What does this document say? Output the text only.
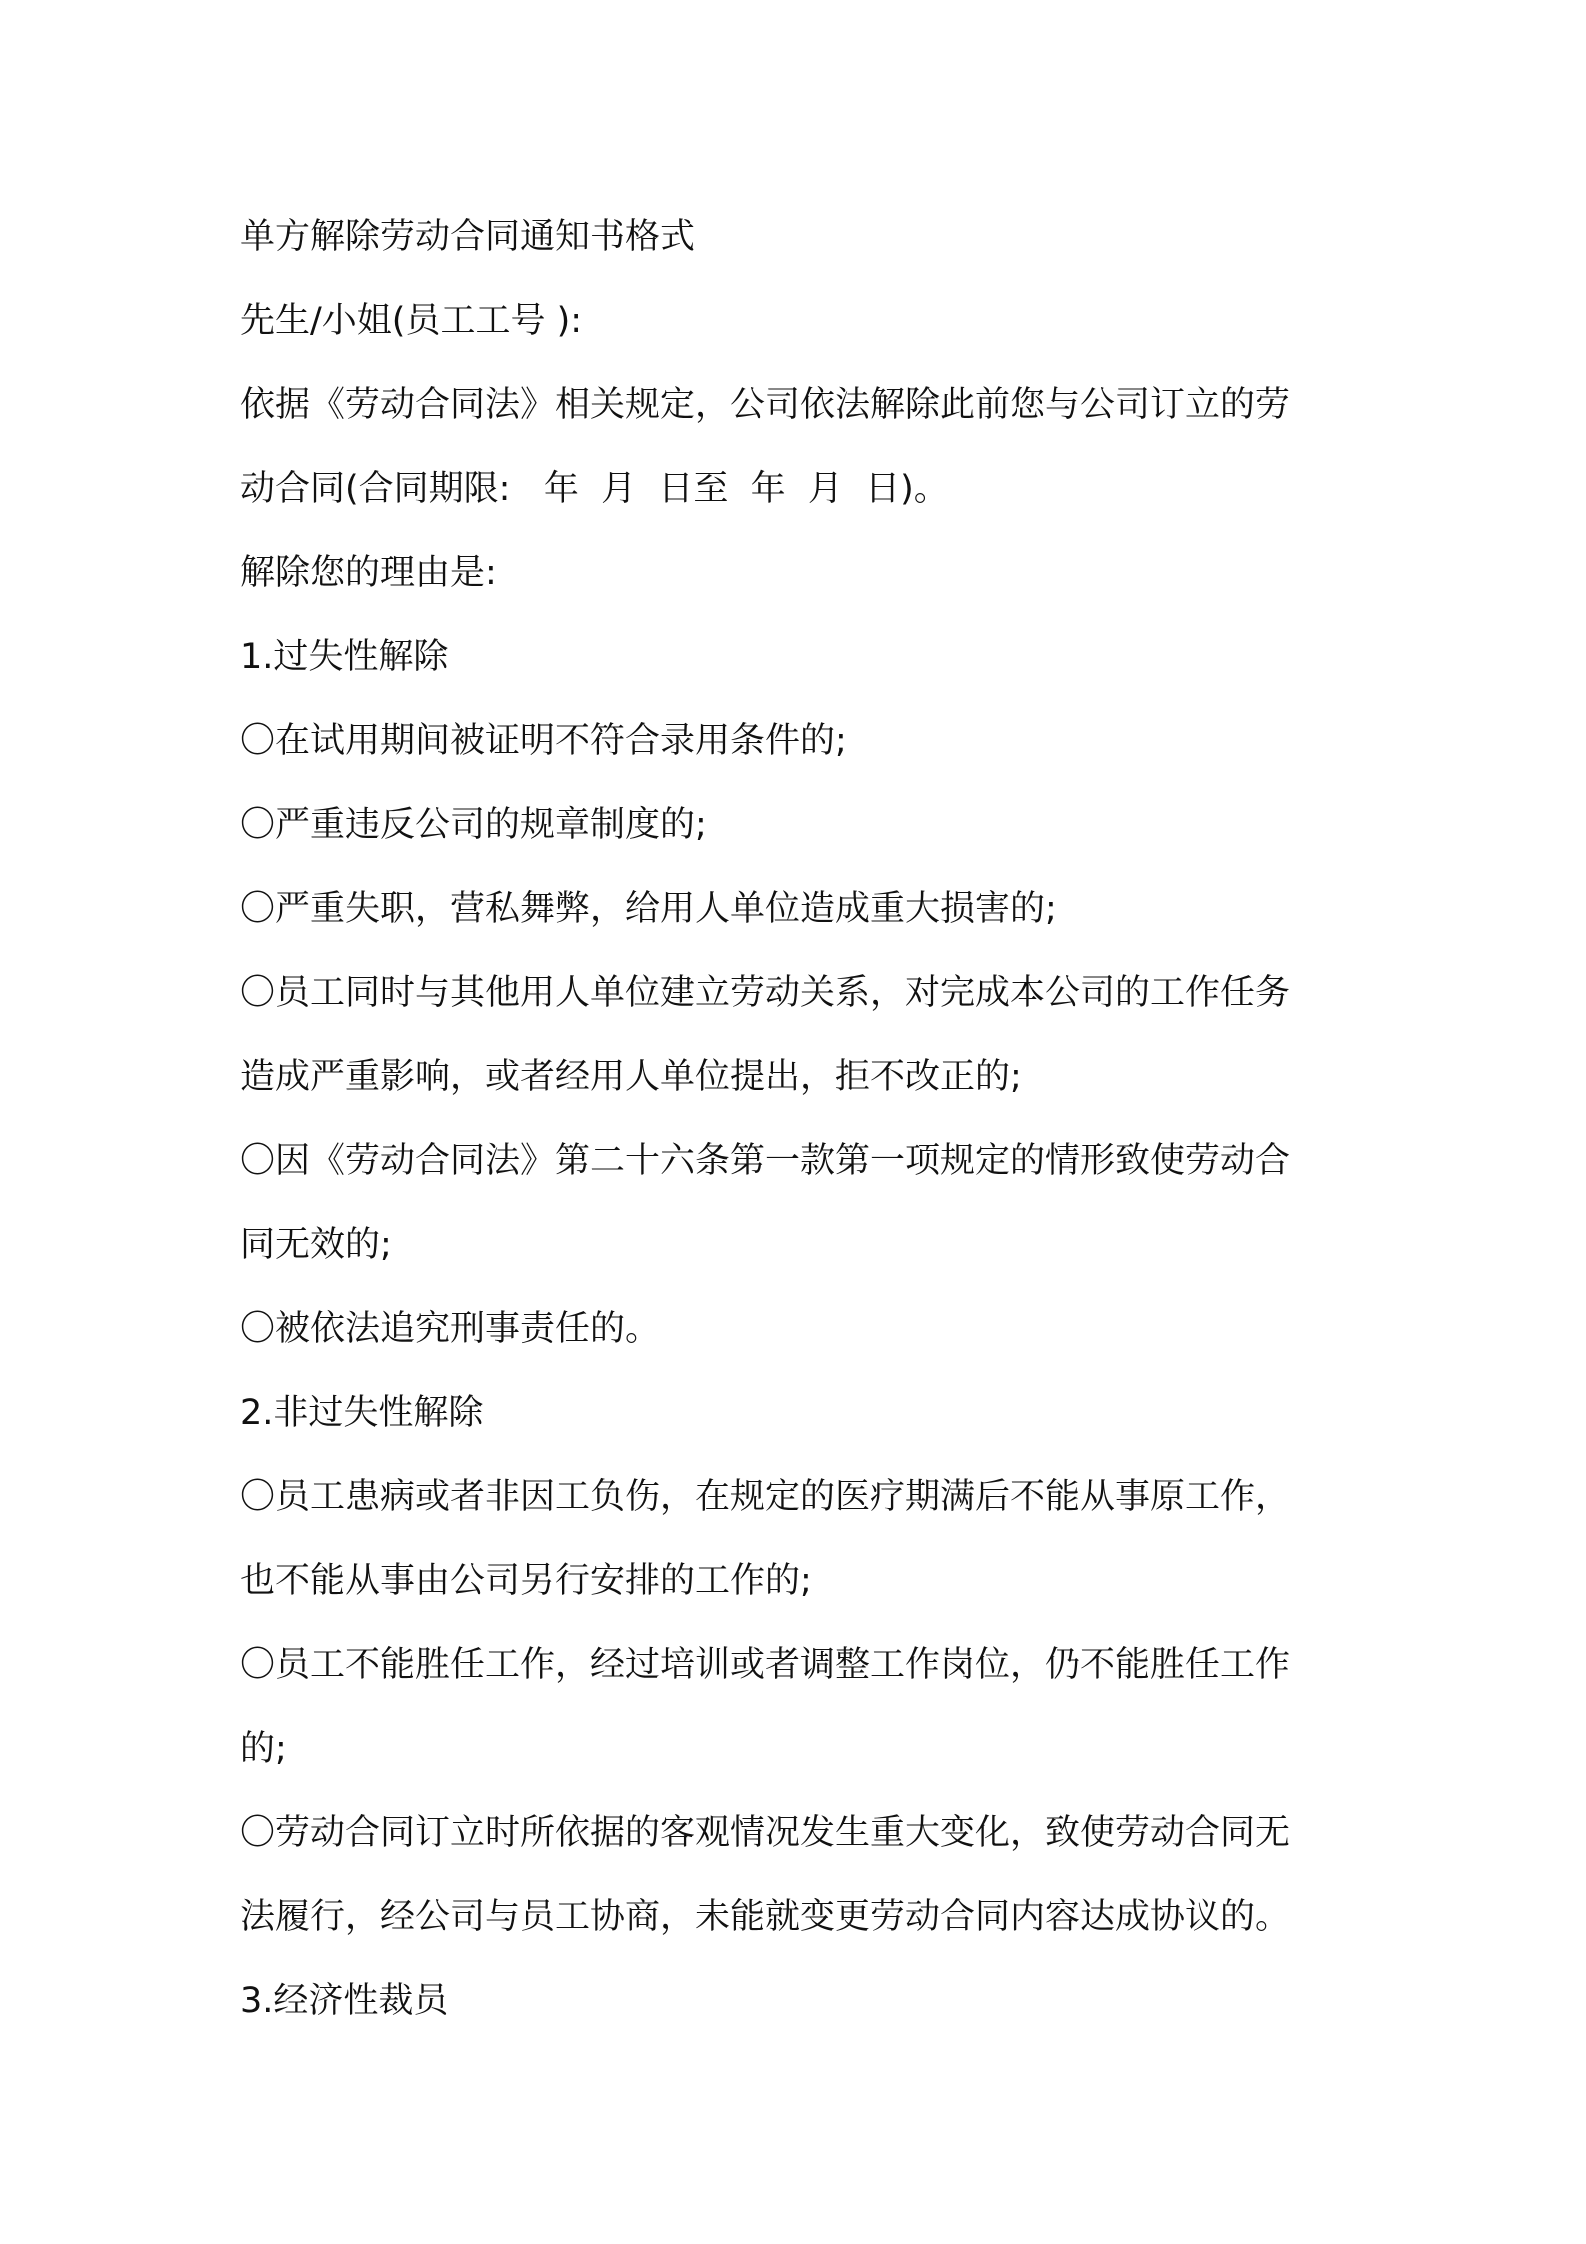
单方解除劳动合同通知书格式

先生/小姐(员工工号 ):

依据《劳动合同法》相关规定，公司依法解除此前您与公司订立的劳

动合同(合同期限:   年  月  日至  年  月  日)。

解除您的理由是:

1.过失性解除

〇在试用期间被证明不符合录用条件的;

〇严重违反公司的规章制度的;

〇严重失职，营私舞弊，给用人单位造成重大损害的;

〇员工同时与其他用人单位建立劳动关系，对完成本公司的工作任务

造成严重影响，或者经用人单位提出，拒不改正的;

〇因《劳动合同法》第二十六条第一款第一项规定的情形致使劳动合

同无效的;

〇被依法追究刑事责任的。

2.非过失性解除

〇员工患病或者非因工负伤，在规定的医疗期满后不能从事原工作，

也不能从事由公司另行安排的工作的;

〇员工不能胜任工作，经过培训或者调整工作岗位，仍不能胜任工作

的;

〇劳动合同订立时所依据的客观情况发生重大变化，致使劳动合同无

法履行，经公司与员工协商，未能就变更劳动合同内容达成协议的。

3.经济性裁员
